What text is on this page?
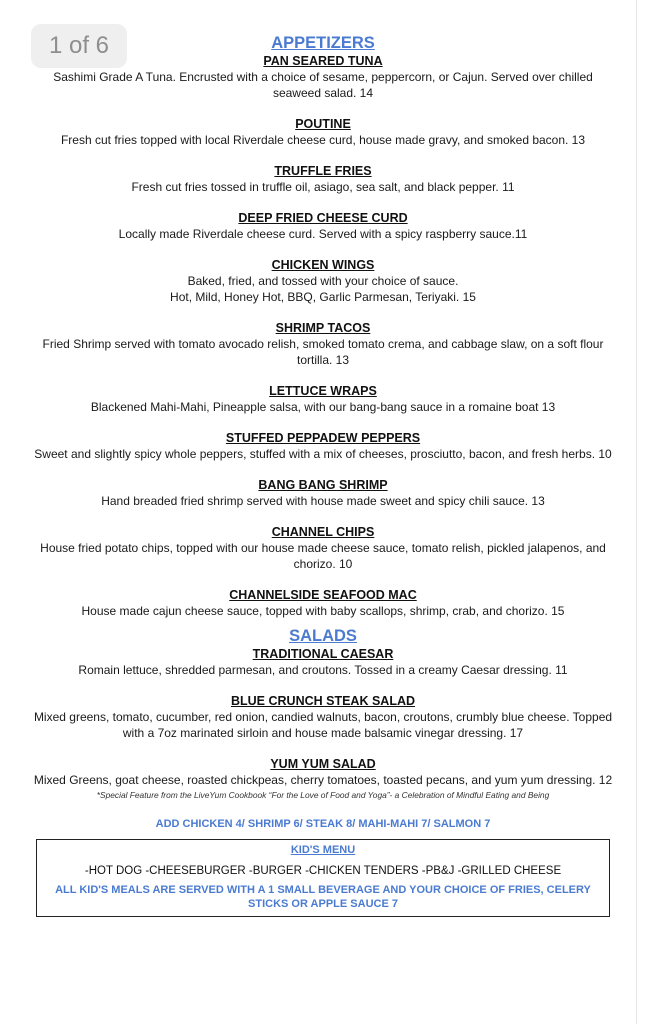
1 of 6	APPETIZERS
PAN SEARED TUNA
Sashimi Grade A Tuna. Encrusted with a choice of sesame, peppercorn, or Cajun. Served over chilled seaweed salad. 14
POUTINE
Fresh cut fries topped with local Riverdale cheese curd, house made gravy, and smoked bacon. 13
TRUFFLE FRIES
Fresh cut fries tossed in truffle oil, asiago, sea salt, and black pepper. 11
DEEP FRIED CHEESE CURD
Locally made Riverdale cheese curd. Served with a spicy raspberry sauce.11
CHICKEN WINGS
Baked, fried, and tossed with your choice of sauce.
Hot, Mild, Honey Hot, BBQ, Garlic Parmesan, Teriyaki. 15
SHRIMP TACOS
Fried Shrimp served with tomato avocado relish, smoked tomato crema, and cabbage slaw, on a soft flour tortilla. 13
LETTUCE WRAPS
Blackened Mahi-Mahi, Pineapple salsa, with our bang-bang sauce in a romaine boat 13
STUFFED PEPPADEW PEPPERS
Sweet and slightly spicy whole peppers, stuffed with a mix of cheeses, prosciutto, bacon, and fresh herbs. 10
BANG BANG SHRIMP
Hand breaded fried shrimp served with house made sweet and spicy chili sauce. 13
CHANNEL CHIPS
House fried potato chips, topped with our house made cheese sauce, tomato relish, pickled jalapenos, and chorizo. 10
CHANNELSIDE SEAFOOD MAC
House made cajun cheese sauce, topped with baby scallops, shrimp, crab, and chorizo. 15
SALADS
TRADITIONAL CAESAR
Romain lettuce, shredded parmesan, and croutons. Tossed in a creamy Caesar dressing. 11
BLUE CRUNCH STEAK SALAD
Mixed greens, tomato, cucumber, red onion, candied walnuts, bacon, croutons, crumbly blue cheese. Topped with a 7oz marinated sirloin and house made balsamic vinegar dressing. 17
YUM YUM SALAD
Mixed Greens, goat cheese, roasted chickpeas, cherry tomatoes, toasted pecans, and yum yum dressing. 12
*Special Feature from the LiveYum Cookbook “For the Love of Food and Yoga”- a Celebration of Mindful Eating and Being
ADD CHICKEN 4/ SHRIMP 6/ STEAK 8/ MAHI-MAHI 7/ SALMON 7
KID'S MENU
-HOT DOG -CHEESEBURGER -BURGER -CHICKEN TENDERS -PB&J -GRILLED CHEESE
ALL KID'S MEALS ARE SERVED WITH A 1 SMALL BEVERAGE AND YOUR CHOICE OF FRIES, CELERY STICKS OR APPLE SAUCE 7
